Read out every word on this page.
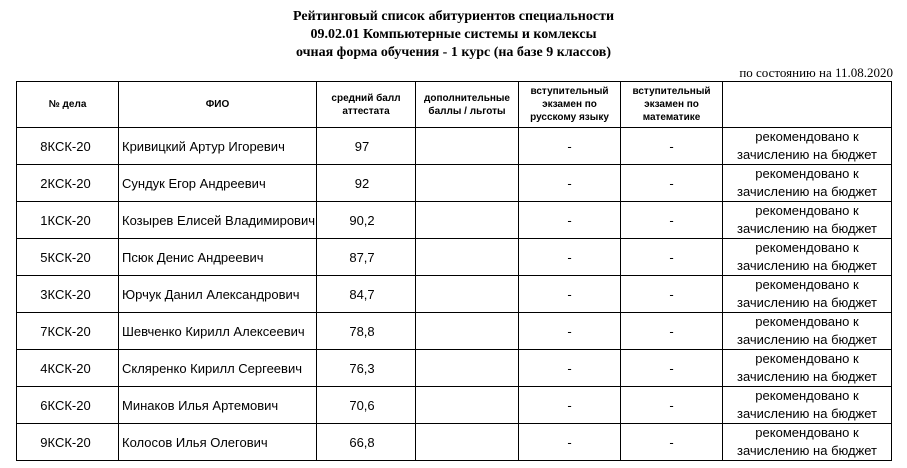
Рейтинговый список абитуриентов специальности
09.02.01 Компьютерные системы и комлексы
очная форма обучения - 1 курс (на базе 9 классов)
по состоянию на 11.08.2020
№ дела	ФИО	средний балл аттестата	дополнительные баллы / льготы	вступительный экзамен по русскому языку	вступительный экзамен по математике	
8КСК-20	Кривицкий Артур Игоревич	97		-	-	рекомендовано к зачислению на бюджет
2КСК-20	Сундук Егор Андреевич	92		-	-	рекомендовано к зачислению на бюджет
1КСК-20	Козырев Елисей Владимирович	90,2		-	-	рекомендовано к зачислению на бюджет
5КСК-20	Псюк Денис Андреевич	87,7		-	-	рекомендовано к зачислению на бюджет
3КСК-20	Юрчук Данил Александрович	84,7		-	-	рекомендовано к зачислению на бюджет
7КСК-20	Шевченко Кирилл Алексеевич	78,8		-	-	рекомендовано к зачислению на бюджет
4КСК-20	Скляренко Кирилл Сергеевич	76,3		-	-	рекомендовано к зачислению на бюджет
6КСК-20	Минаков Илья Артемович	70,6		-	-	рекомендовано к зачислению на бюджет
9КСК-20	Колосов Илья Олегович	66,8		-	-	рекомендовано к зачислению на бюджет
